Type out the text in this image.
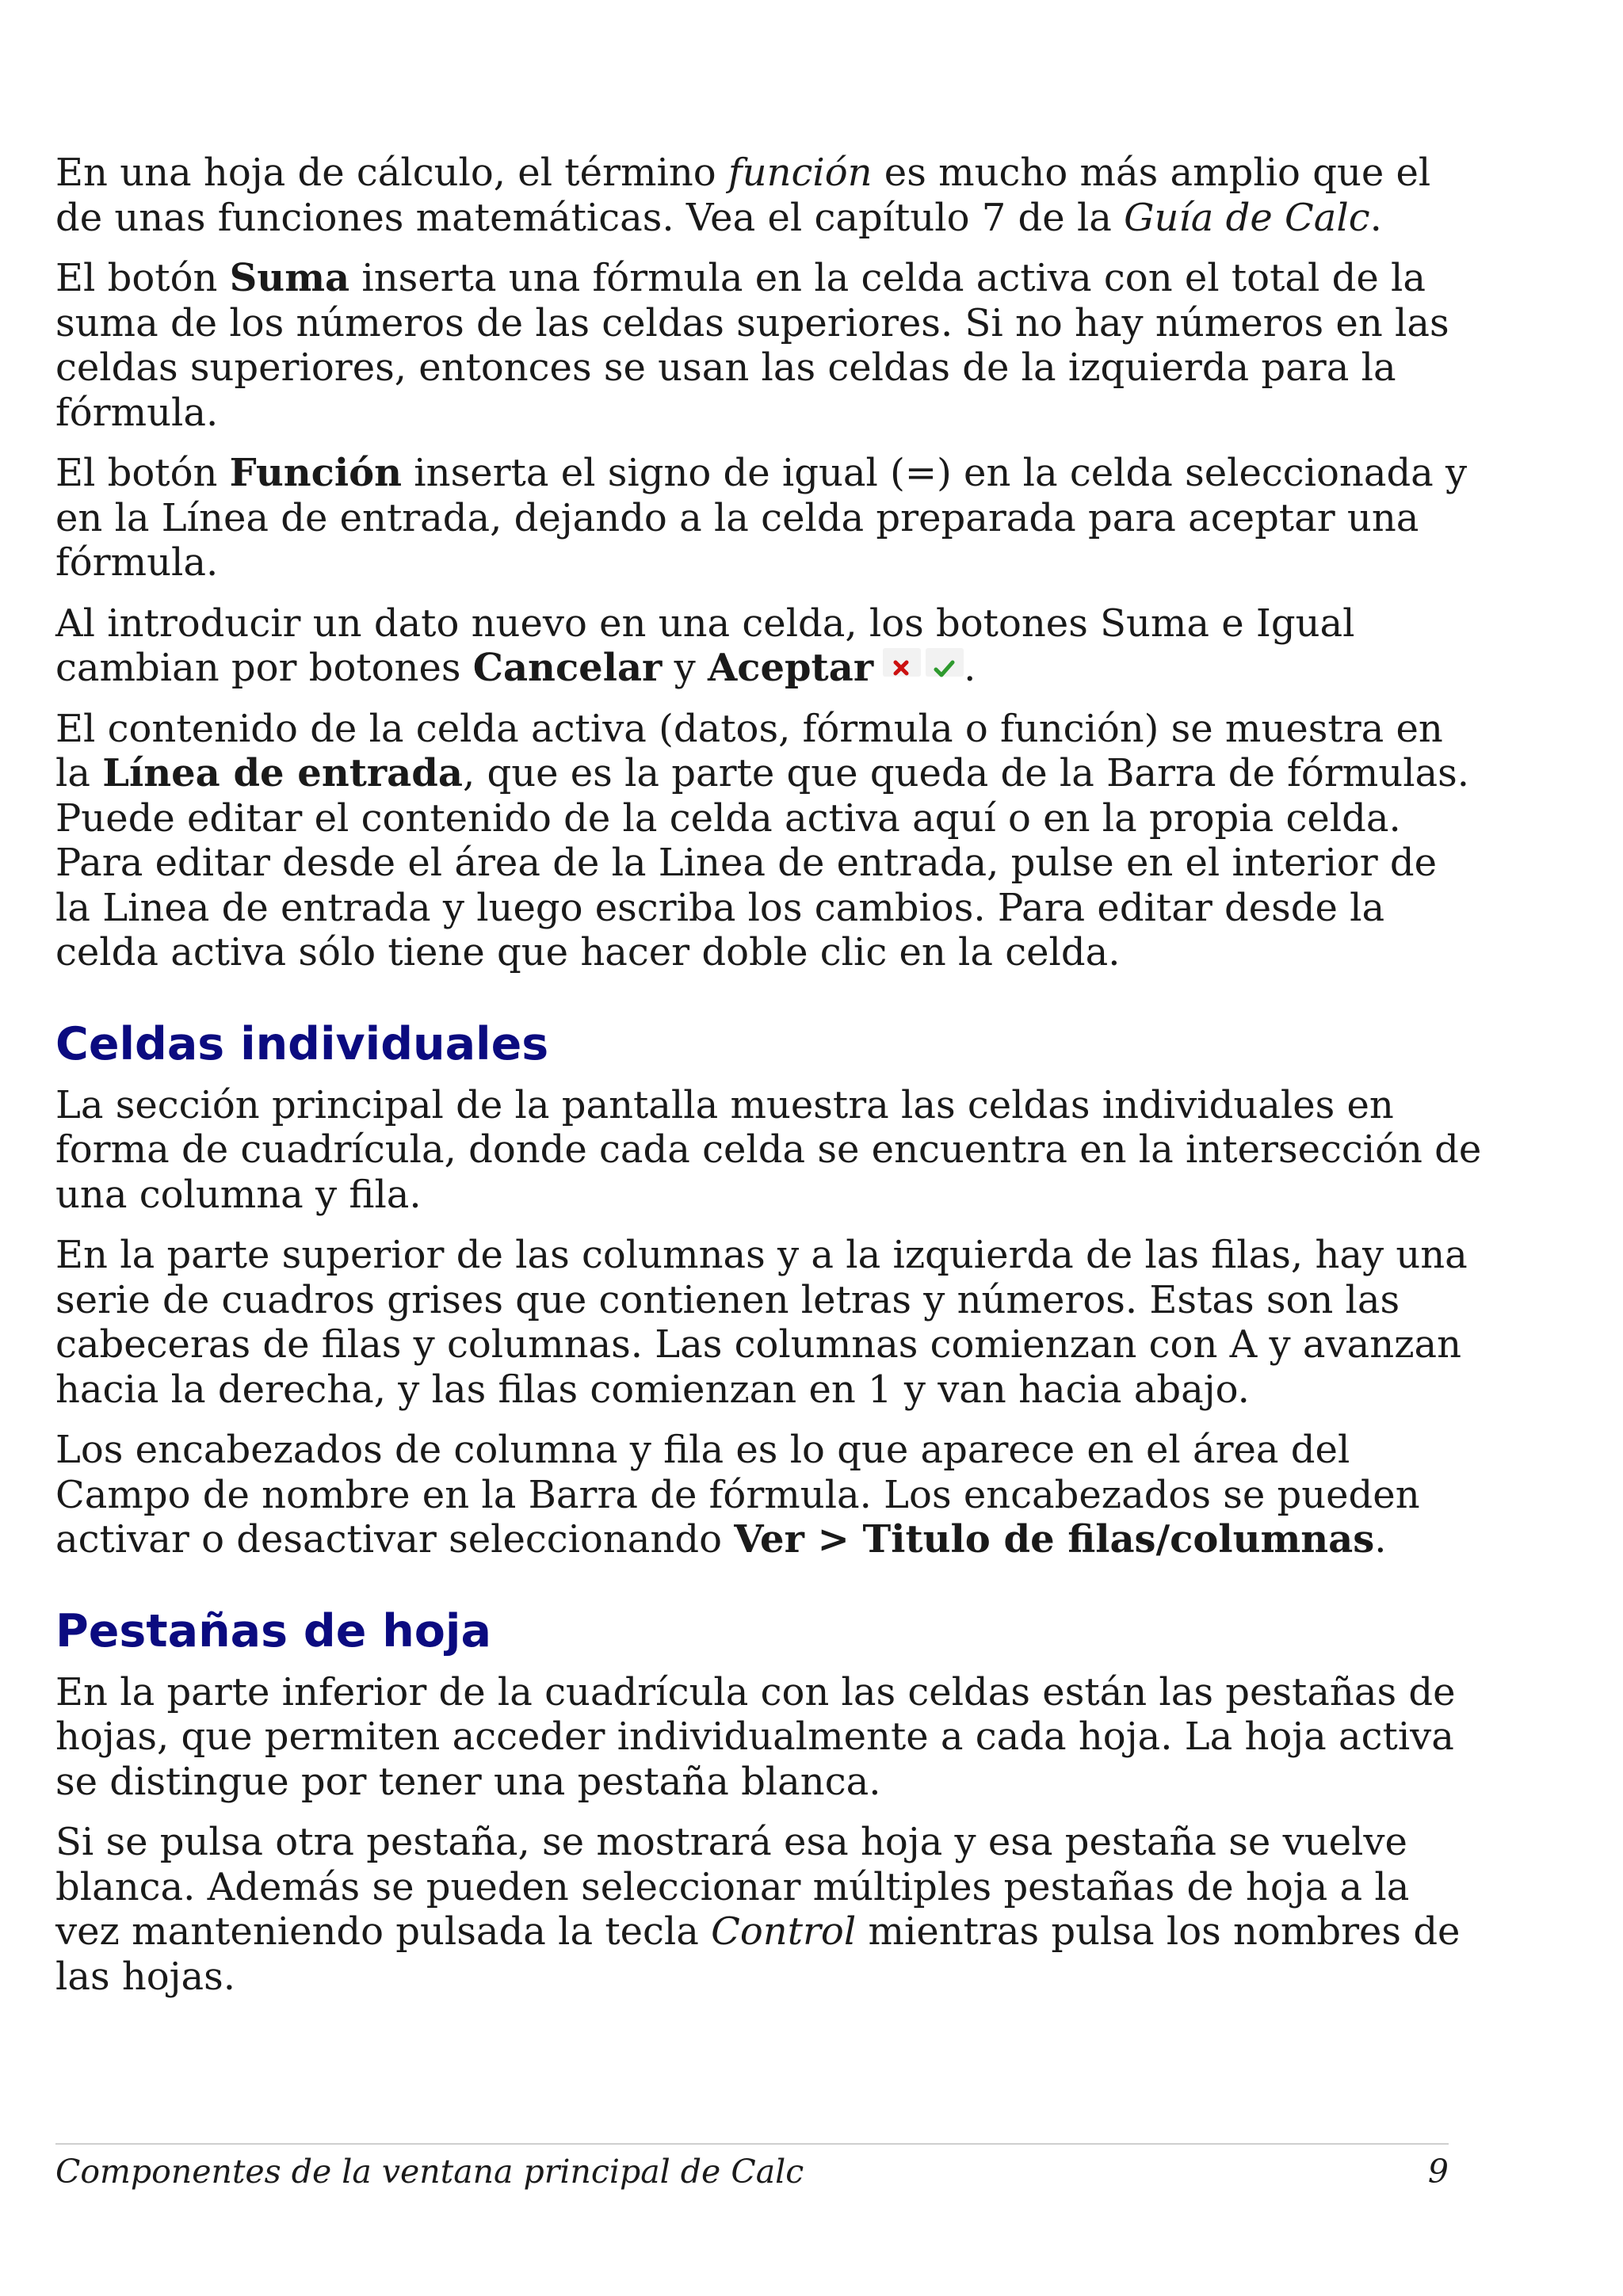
En una hoja de cálculo, el término función es mucho más amplio que el de unas funciones matemáticas. Vea el capítulo 7 de la Guía de Calc.

El botón Suma inserta una fórmula en la celda activa con el total de la suma de los números de las celdas superiores. Si no hay números en las celdas superiores, entonces se usan las celdas de la izquierda para la fórmula.

El botón Función inserta el signo de igual (=) en la celda seleccionada y en la Línea de entrada, dejando a la celda preparada para aceptar una fórmula.

Al introducir un dato nuevo en una celda, los botones Suma e Igual cambian por botones Cancelar y Aceptar .

El contenido de la celda activa (datos, fórmula o función) se muestra en la Línea de entrada, que es la parte que queda de la Barra de fórmulas. Puede editar el contenido de la celda activa aquí o en la propia celda. Para editar desde el área de la Linea de entrada, pulse en el interior de la Linea de entrada y luego escriba los cambios. Para editar desde la celda activa sólo tiene que hacer doble clic en la celda.

Celdas individuales

La sección principal de la pantalla muestra las celdas individuales en forma de cuadrícula, donde cada celda se encuentra en la intersección de una columna y fila.

En la parte superior de las columnas y a la izquierda de las filas, hay una serie de cuadros grises que contienen letras y números. Estas son las cabeceras de filas y columnas. Las columnas comienzan con A y avanzan hacia la derecha, y las filas comienzan en 1 y van hacia abajo.

Los encabezados de columna y fila es lo que aparece en el área del Campo de nombre en la Barra de fórmula. Los encabezados se pueden activar o desactivar seleccionando Ver > Titulo de filas/columnas.

Pestañas de hoja

En la parte inferior de la cuadrícula con las celdas están las pestañas de hojas, que permiten acceder individualmente a cada hoja. La hoja activa se distingue por tener una pestaña blanca.

Si se pulsa otra pestaña, se mostrará esa hoja y esa pestaña se vuelve blanca. Además se pueden seleccionar múltiples pestañas de hoja a la vez manteniendo pulsada la tecla Control mientras pulsa los nombres de las hojas.

Componentes de la ventana principal de Calc	9
